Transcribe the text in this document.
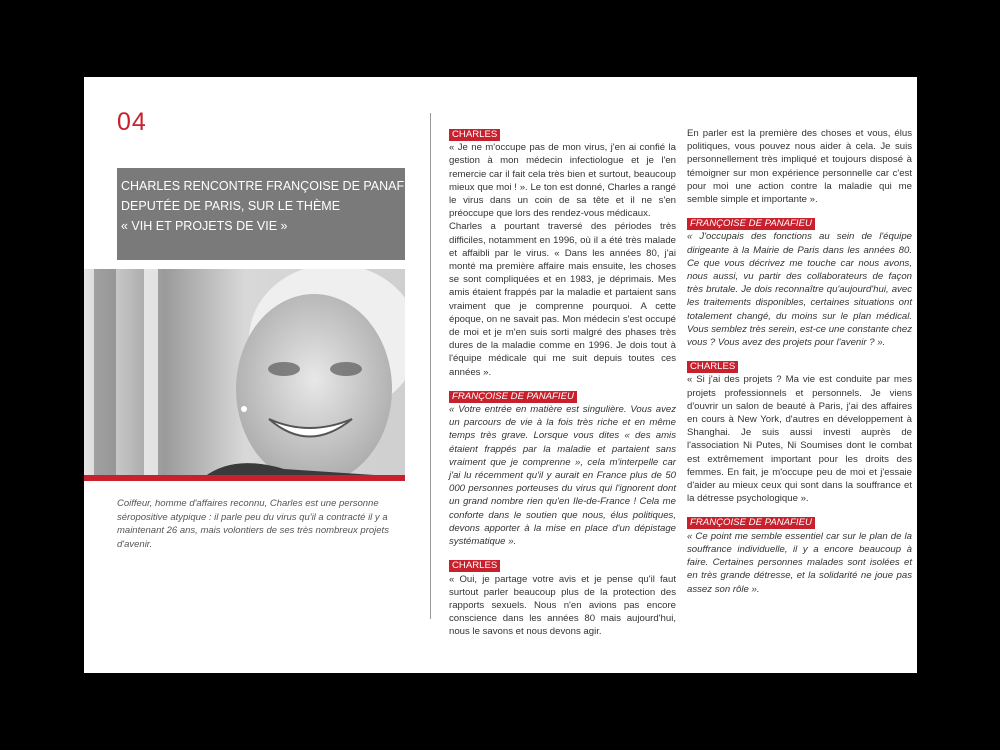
04
CHARLES RENCONTRE FRANÇOISE DE PANAFIEU,
DEPUTÉE DE PARIS, SUR LE THÈME
« VIH ET PROJETS DE VIE »
Coiffeur, homme d'affaires reconnu, Charles est une personne séropositive atypique : il parle peu du virus qu'il a contracté il y a maintenant 26 ans, mais volontiers de ses très nombreux projets d'avenir.
CHARLES

« Je ne m'occupe pas de mon virus, j'en ai confié la gestion à mon médecin infectiologue et je l'en remercie car il fait cela très bien et surtout, beaucoup mieux que moi ! ». Le ton est donné, Charles a rangé le virus dans un coin de sa tête et il ne s'en préoccupe que lors des rendez-vous médicaux.

Charles a pourtant traversé des périodes très difficiles, notamment en 1996, où il a été très malade et affaibli par le virus. « Dans les années 80, j'ai monté ma première affaire mais ensuite, les choses se sont compliquées et en 1983, je déprimais. Mes amis étaient frappés par la maladie et partaient sans vraiment que je comprenne pourquoi. A cette époque, on ne savait pas. Mon médecin s'est occupé de moi et je m'en suis sorti malgré des phases très dures de la maladie comme en 1996. Je dois tout à l'équipe médicale qui me suit depuis toutes ces années ».

FRANÇOISE DE PANAFIEU

« Votre entrée en matière est singulière. Vous avez un parcours de vie à la fois très riche et en même temps très grave. Lorsque vous dites « des amis étaient frappés par la maladie et partaient sans vraiment que je comprenne », cela m'interpelle car j'ai lu récemment qu'il y aurait en France plus de 50 000 personnes porteuses du virus qui l'ignorent dont un grand nombre rien qu'en Ile-de-France ! Cela me conforte dans le soutien que nous, élus politiques, devons apporter à la mise en place d'un dépistage systématique ».

CHARLES

« Oui, je partage votre avis et je pense qu'il faut surtout parler beaucoup plus de la protection des rapports sexuels. Nous n'en avions pas encore conscience dans les années 80 mais aujourd'hui, nous le savons et nous devons agir.

En parler est la première des choses et vous, élus politiques, vous pouvez nous aider à cela. Je suis personnellement très impliqué et toujours disposé à témoigner sur mon expérience personnelle car c'est pour moi une action contre la maladie qui me semble simple et importante ».

FRANÇOISE DE PANAFIEU

« J'occupais des fonctions au sein de l'équipe dirigeante à la Mairie de Paris dans les années 80. Ce que vous décrivez me touche car nous avons, nous aussi, vu partir des collaborateurs de façon très brutale. Je dois reconnaître qu'aujourd'hui, avec les traitements disponibles, certaines situations ont totalement changé, du moins sur le plan médical. Vous semblez très serein, est-ce une constante chez vous ? Vous avez des projets pour l'avenir ? ».

CHARLES

« Si j'ai des projets ? Ma vie est conduite par mes projets professionnels et personnels. Je viens d'ouvrir un salon de beauté à Paris, j'ai des affaires en cours à New York, d'autres en développement à Shanghai. Je suis aussi investi auprès de l'association Ni Putes, Ni Soumises dont le combat est extrêmement important pour les droits des femmes. En fait, je m'occupe peu de moi et j'essaie d'aider au mieux ceux qui sont dans la souffrance et la détresse psychologique ».

FRANÇOISE DE PANAFIEU

« Ce point me semble essentiel car sur le plan de la souffrance individuelle, il y a encore beaucoup à faire. Certaines personnes malades sont isolées et en très grande détresse, et la solidarité ne joue pas assez son rôle ».
